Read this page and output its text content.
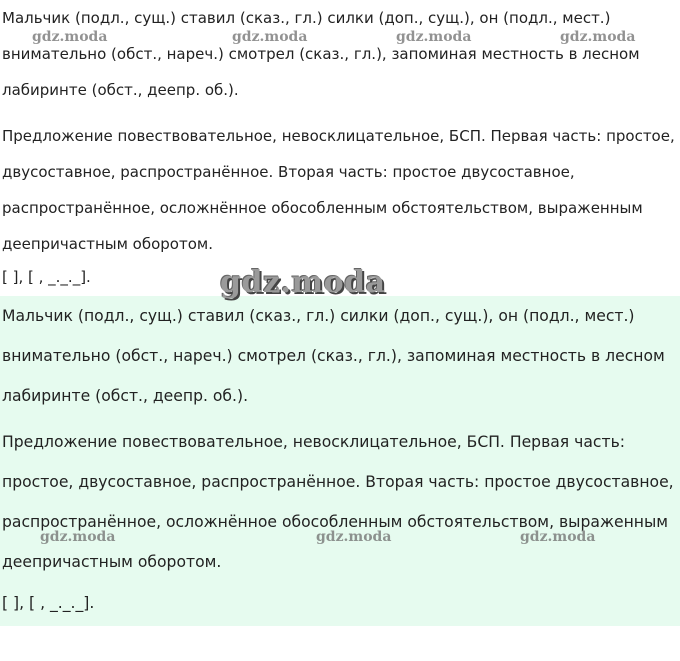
Мальчик (подл., сущ.) ставил (сказ., гл.) силки (доп., сущ.), он (подл., мест.) внимательно (обст., нареч.) смотрел (сказ., гл.), запоминая местность в лесном лабиринте (обст., деепр. об.).

Предложение повествовательное, невосклицательное, БСП. Первая часть: простое, двусоставное, распространённое. Вторая часть: простое двусоставное, распространённое, осложнённое обособленным обстоятельством, выраженным деепричастным оборотом.

[ ], [ , _._._].

Мальчик (подл., сущ.) ставил (сказ., гл.) силки (доп., сущ.), он (подл., мест.) внимательно (обст., нареч.) смотрел (сказ., гл.), запоминая местность в лесном лабиринте (обст., деепр. об.).

Предложение повествовательное, невосклицательное, БСП. Первая часть: простое, двусоставное, распространённое. Вторая часть: простое двусоставное, распространённое, осложнённое обособленным обстоятельством, выраженным деепричастным оборотом.

[ ], [ , _._._].

gdz.moda	gdz.moda	gdz.moda	gdz.moda
gdz.moda
gdz.moda	gdz.moda	gdz.moda
